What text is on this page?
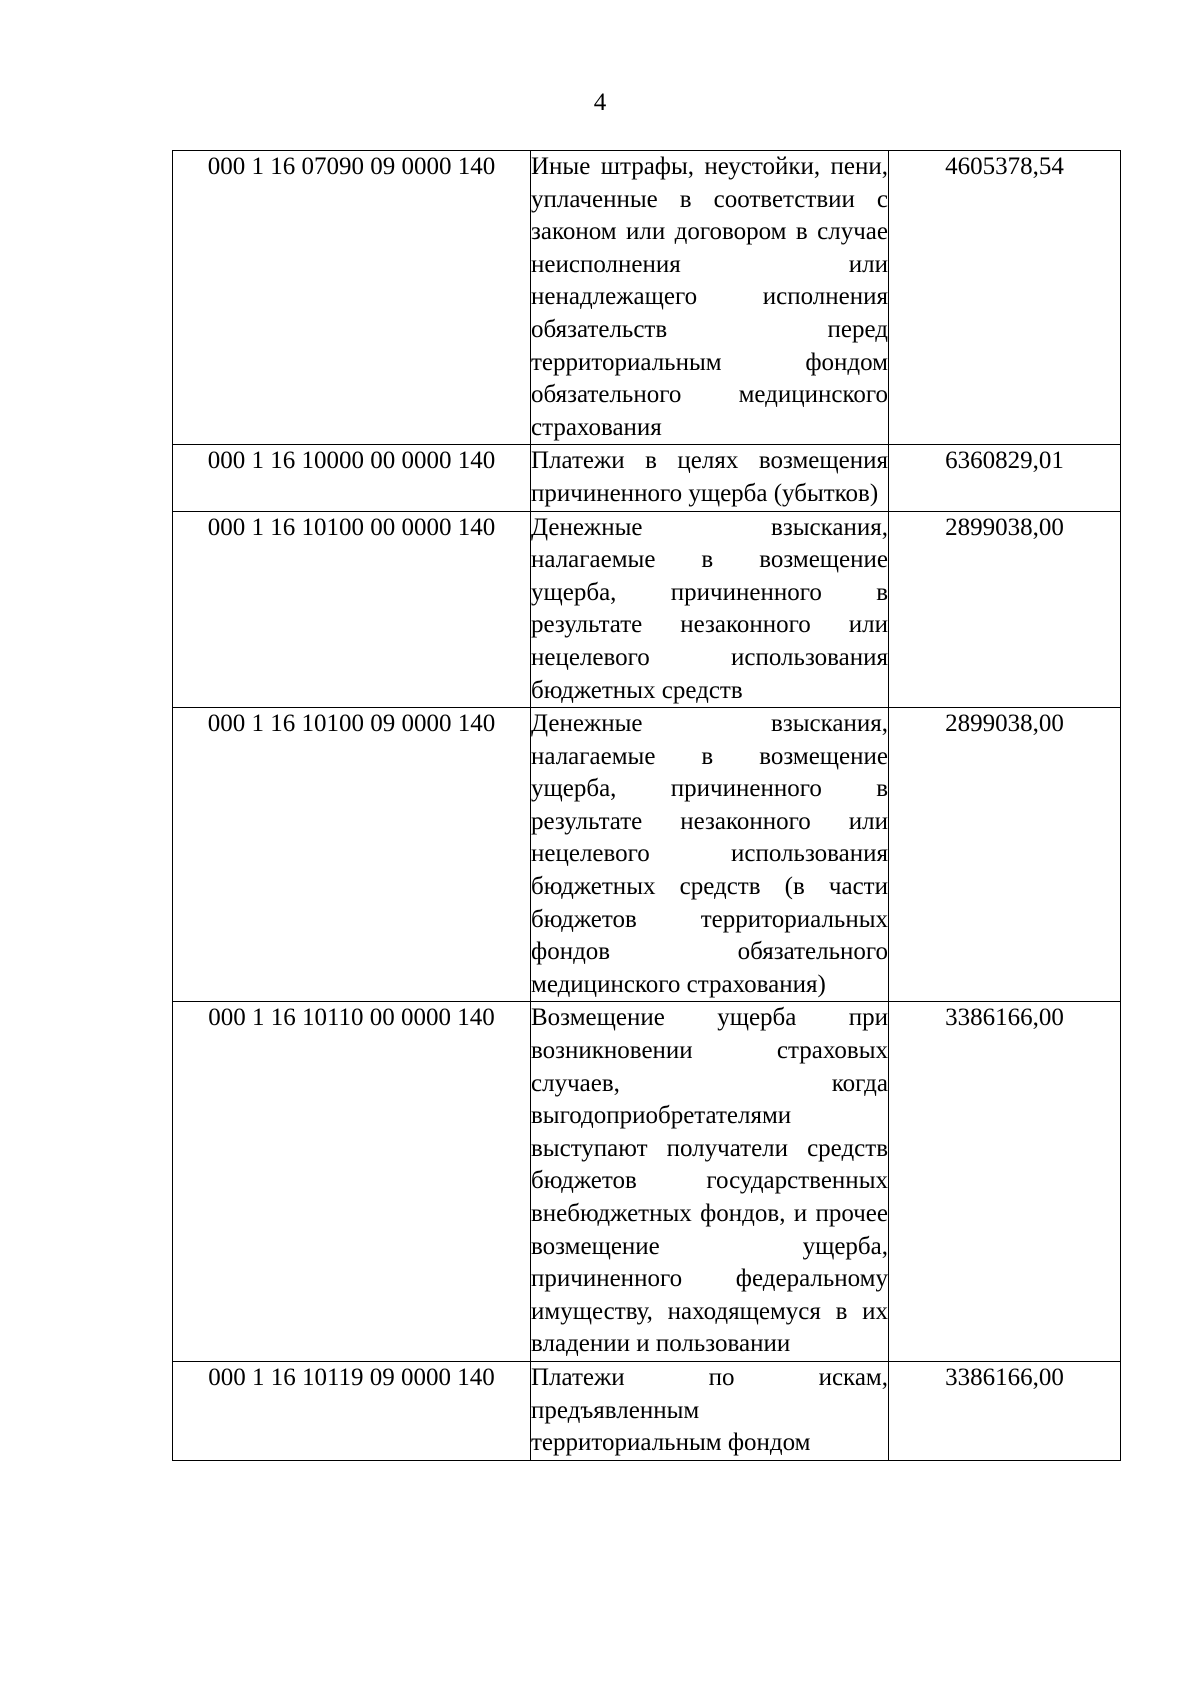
4
000 1 16 07090 09 0000 140	Иные штрафы, неустойки, пени, уплаченные в соответствии с законом или договором в случае неисполнения или ненадлежащего исполнения обязательств перед территориальным фондом обязательного медицинского страхования	4605378,54
000 1 16 10000 00 0000 140	Платежи в целях возмещения причиненного ущерба (убытков)	6360829,01
000 1 16 10100 00 0000 140	Денежные взыскания, налагаемые в возмещение ущерба, причиненного в результате незаконного или нецелевого использования бюджетных средств	2899038,00
000 1 16 10100 09 0000 140	Денежные взыскания, налагаемые в возмещение ущерба, причиненного в результате незаконного или нецелевого использования бюджетных средств (в части бюджетов территориальных фондов обязательного медицинского страхования)	2899038,00
000 1 16 10110 00 0000 140	Возмещение ущерба при возникновении страховых случаев, когда выгодоприобретателями выступают получатели средств бюджетов государственных внебюджетных фондов, и прочее возмещение ущерба, причиненного федеральному имуществу, находящемуся в их владении и пользовании	3386166,00
000 1 16 10119 09 0000 140	Платежи по искам, предъявленным территориальным фондом	3386166,00
